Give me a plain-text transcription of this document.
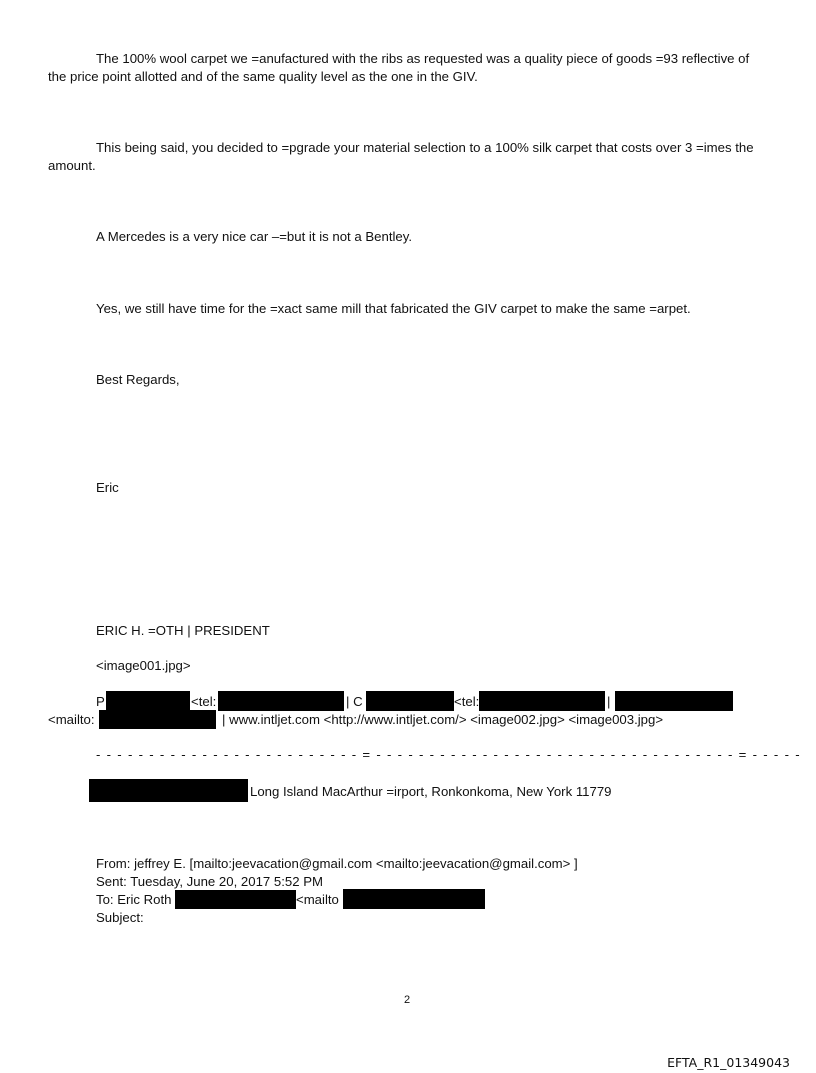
The 100% wool carpet we =anufactured with the ribs as requested was a quality piece of goods =93 reflective of
the price point allotted and of the same quality level as the one in the GIV.
This being said, you decided to =pgrade your material selection to a 100% silk carpet that costs over 3 =imes the
amount.
A Mercedes is a very nice car –=but it is not a Bentley.
Yes, we still have time for the =xact same mill that fabricated the GIV carpet to make the same =arpet.
Best Regards,
Eric
ERIC H. =OTH | PRESIDENT
<image001.jpg>
P	<tel:	| C	<tel:	|
<mailto:	| www.intljet.com <http://www.intljet.com/> <image002.jpg> <image003.jpg>
- - - - - - - - - - - - - - - - - - - - - - - - - = - - - - - - - - - - - - - - - - - - - - - - - - - - - - - - - - - - = - - - - -
Long Island MacArthur =irport, Ronkonkoma, New York 11779
From: jeffrey E. [mailto:jeevacation@gmail.com <mailto:jeevacation@gmail.com> ]
Sent: Tuesday, June 20, 2017 5:52 PM
To: Eric Roth	<mailto
Subject:
2
EFTA_R1_01349043
